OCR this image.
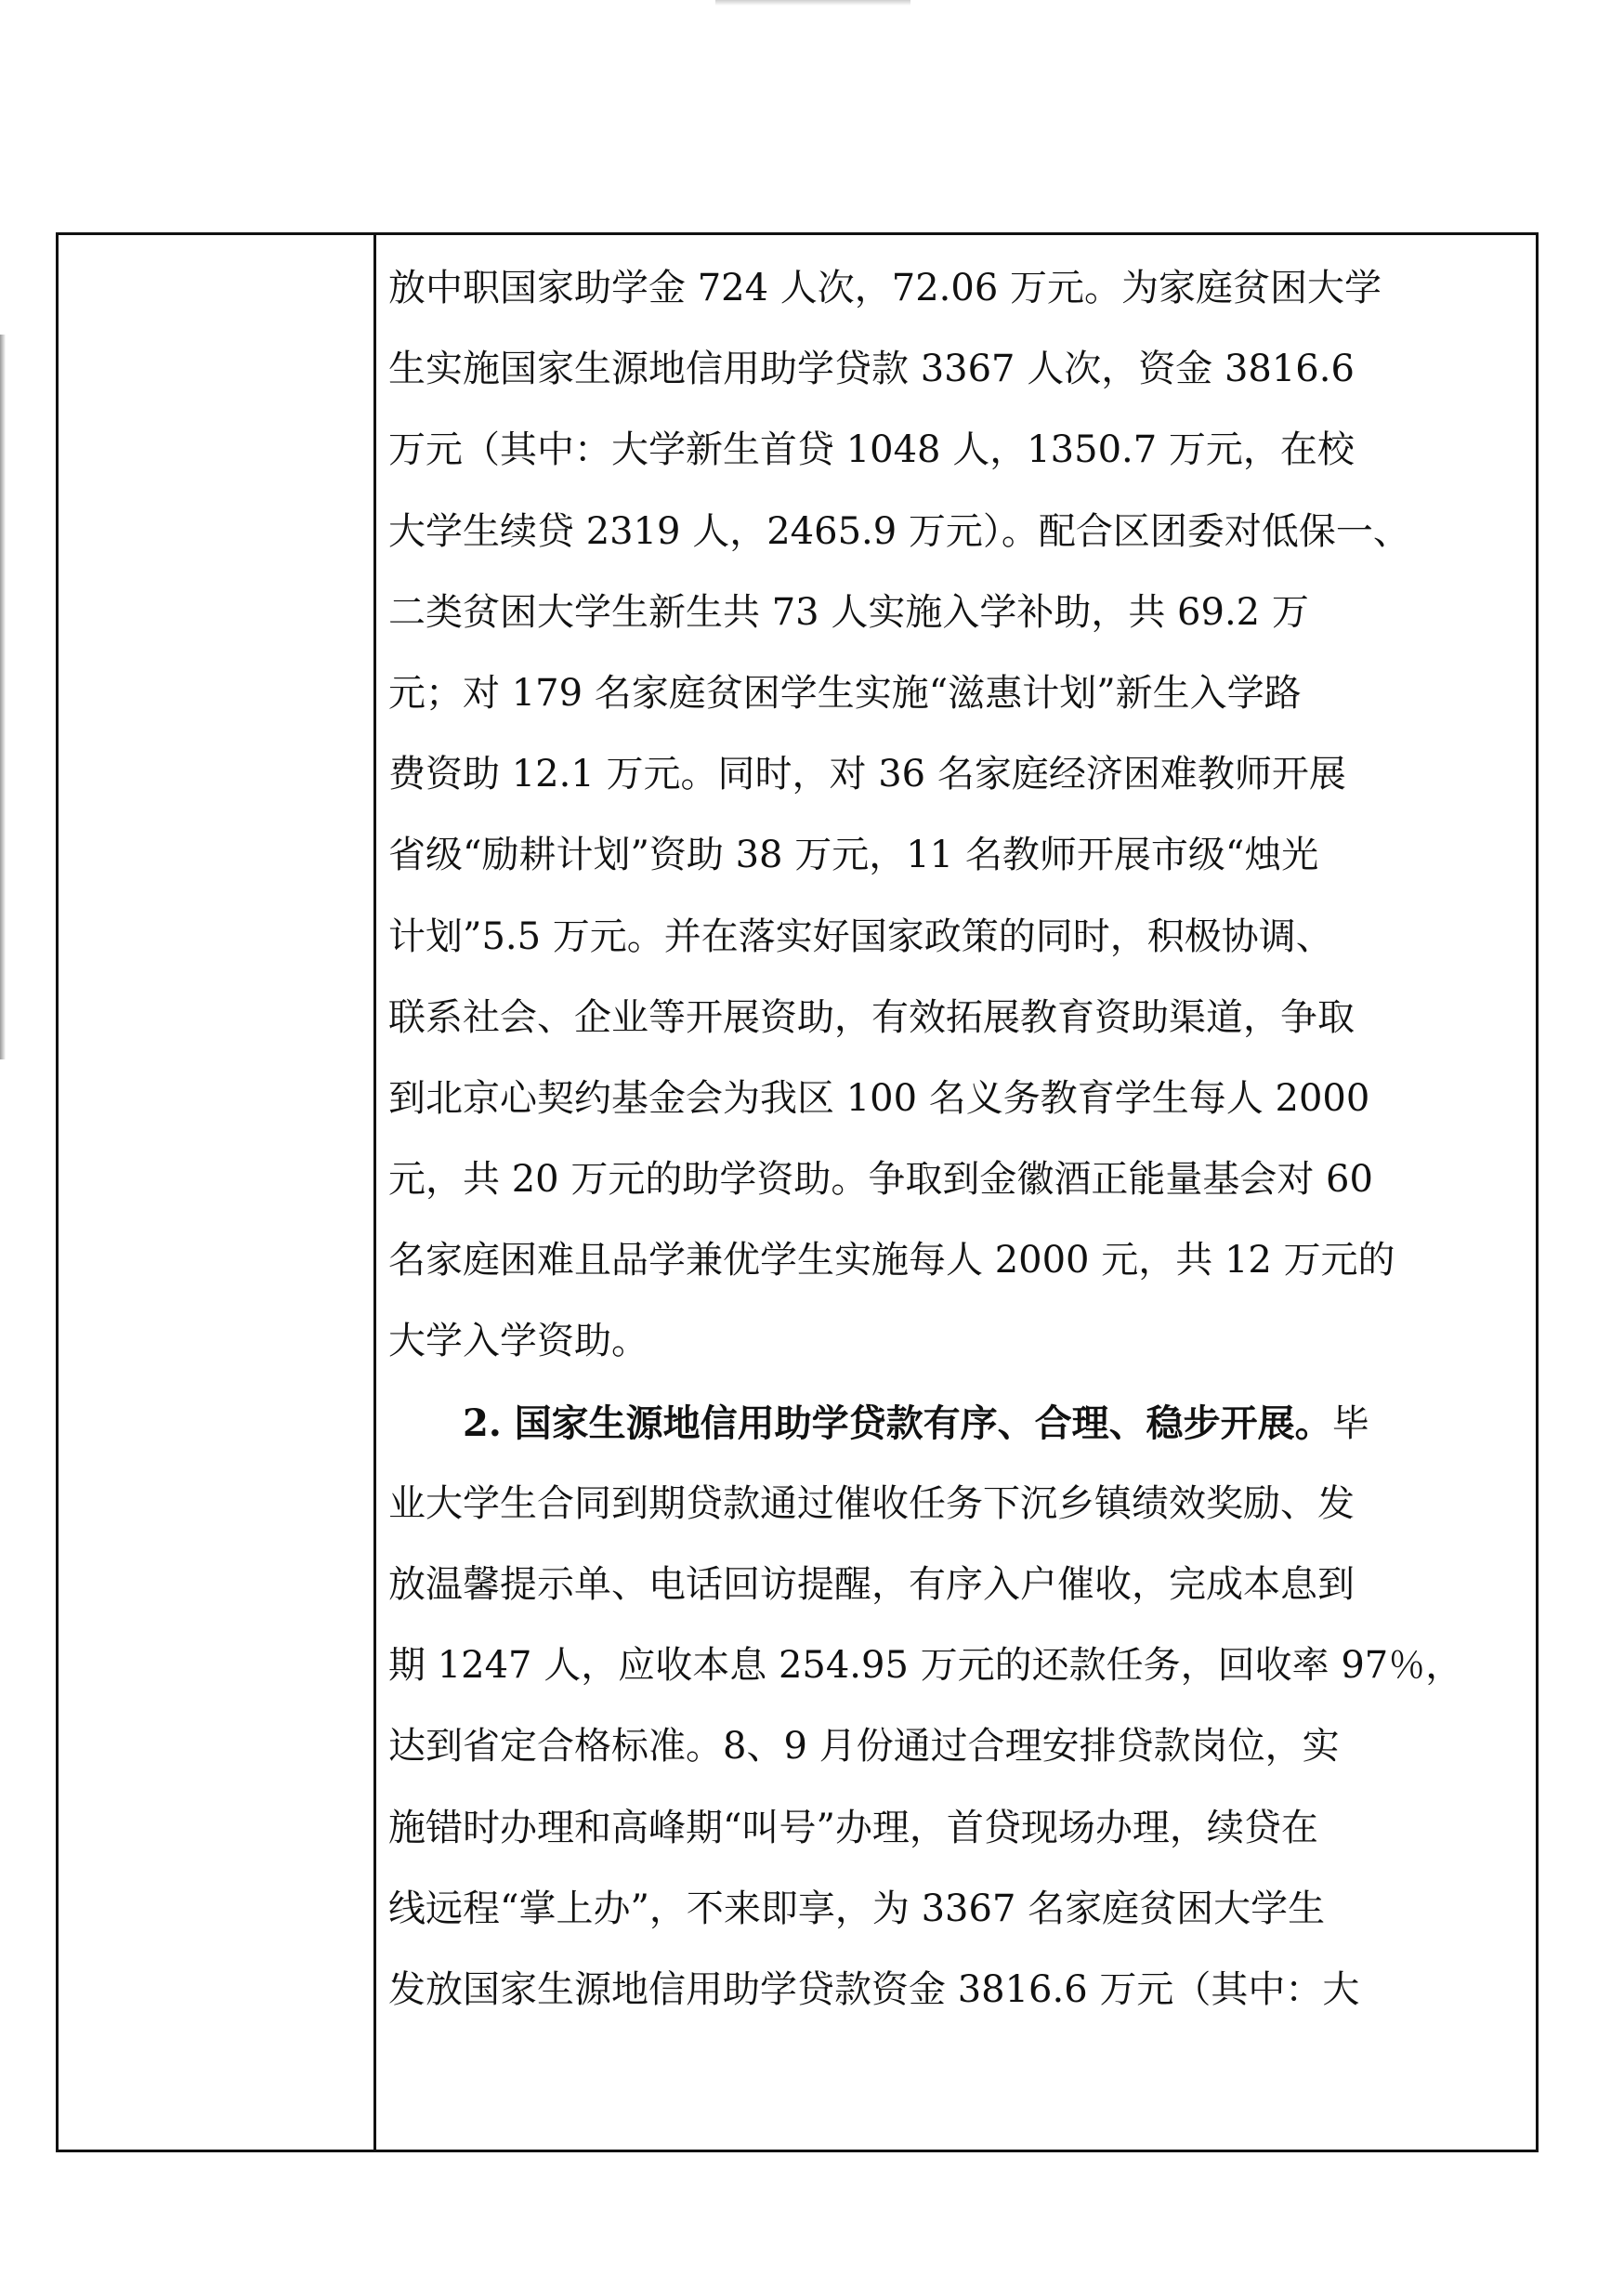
放中职国家助学金 724 人次，72.06 万元。为家庭贫困大学
生实施国家生源地信用助学贷款 3367 人次，资金 3816.6
万元（其中：大学新生首贷 1048 人，1350.7 万元，在校
大学生续贷 2319 人，2465.9 万元）。配合区团委对低保一、
二类贫困大学生新生共 73 人实施入学补助，共 69.2 万
元；对 179 名家庭贫困学生实施“滋惠计划”新生入学路
费资助 12.1 万元。同时，对 36 名家庭经济困难教师开展
省级“励耕计划”资助 38 万元，11 名教师开展市级“烛光
计划”5.5 万元。并在落实好国家政策的同时，积极协调、
联系社会、企业等开展资助，有效拓展教育资助渠道，争取
到北京心契约基金会为我区 100 名义务教育学生每人 2000
元，共 20 万元的助学资助。争取到金徽酒正能量基会对 60
名家庭困难且品学兼优学生实施每人 2000 元，共 12 万元的
大学入学资助。
2. 国家生源地信用助学贷款有序、合理、稳步开展。毕
业大学生合同到期贷款通过催收任务下沉乡镇绩效奖励、发
放温馨提示单、电话回访提醒，有序入户催收，完成本息到
期 1247 人，应收本息 254.95 万元的还款任务，回收率 97％，
达到省定合格标准。8、9 月份通过合理安排贷款岗位，实
施错时办理和高峰期“叫号”办理，首贷现场办理，续贷在
线远程“掌上办”，不来即享，为 3367 名家庭贫困大学生
发放国家生源地信用助学贷款资金 3816.6 万元（其中：大
